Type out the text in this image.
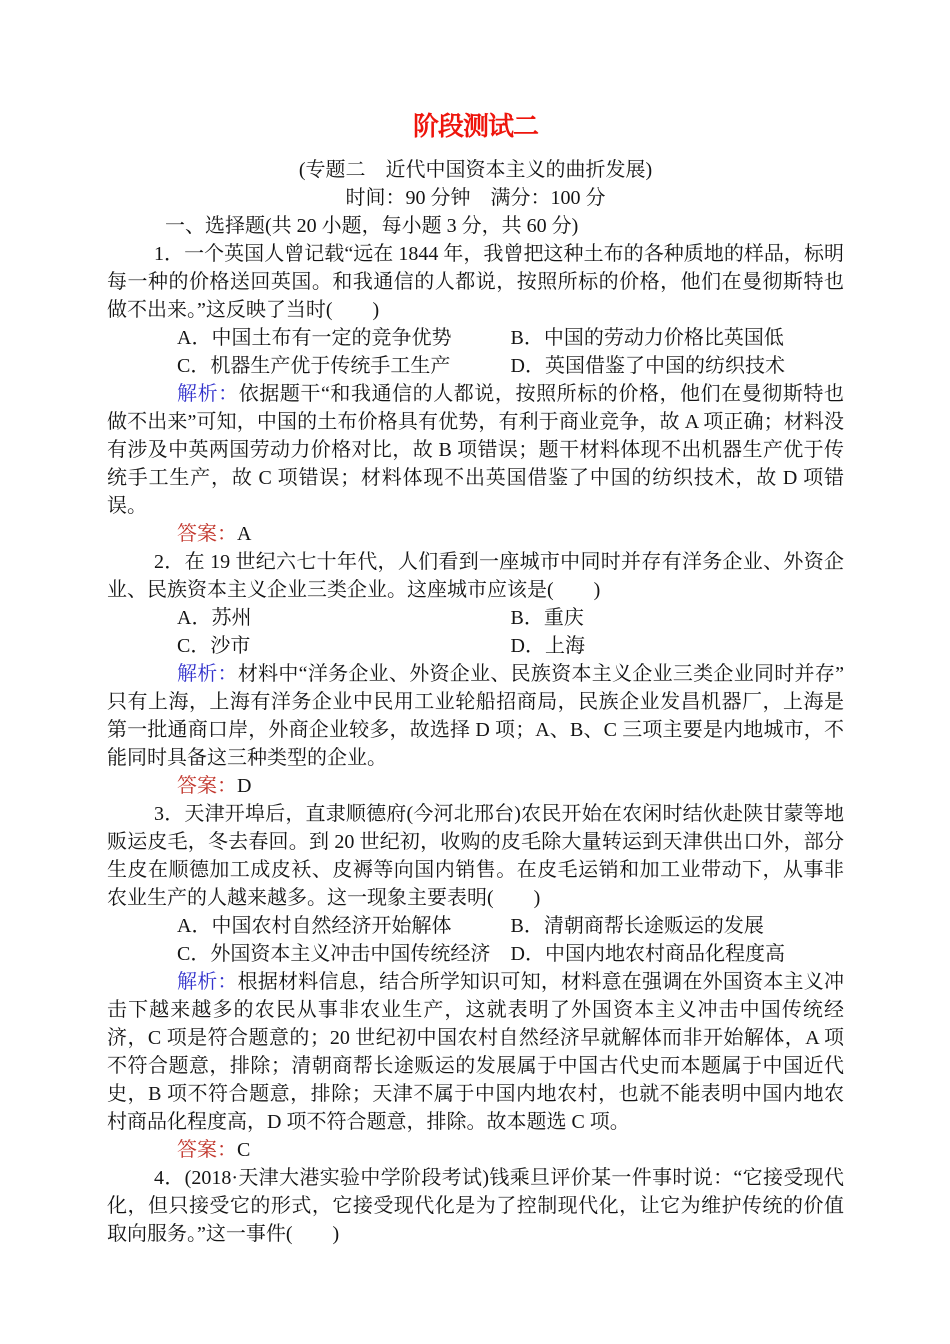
阶段测试二

(专题二　近代中国资本主义的曲折发展)

时间：90 分钟　满分：100 分

一、选择题(共 20 小题，每小题 3 分，共 60 分)

1．一个英国人曾记载“远在 1844 年，我曾把这种土布的各种质地的样品，标明每一种的价格送回英国。和我通信的人都说，按照所标的价格，他们在曼彻斯特也做不出来。”这反映了当时(　　)

A．中国土布有一定的竞争优势	B．中国的劳动力价格比英国低
C．机器生产优于传统手工生产	D．英国借鉴了中国的纺织技术

解析：依据题干“和我通信的人都说，按照所标的价格，他们在曼彻斯特也做不出来”可知，中国的土布价格具有优势，有利于商业竞争，故 A 项正确；材料没有涉及中英两国劳动力价格对比，故 B 项错误；题干材料体现不出机器生产优于传统手工生产，故 C 项错误；材料体现不出英国借鉴了中国的纺织技术，故 D 项错误。

答案：A

2．在 19 世纪六七十年代，人们看到一座城市中同时并存有洋务企业、外资企业、民族资本主义企业三类企业。这座城市应该是(　　)

A．苏州	B．重庆
C．沙市	D．上海

解析：材料中“洋务企业、外资企业、民族资本主义企业三类企业同时并存”只有上海，上海有洋务企业中民用工业轮船招商局，民族企业发昌机器厂，上海是第一批通商口岸，外商企业较多，故选择 D 项；A、B、C 三项主要是内地城市，不能同时具备这三种类型的企业。

答案：D

3．天津开埠后，直隶顺德府(今河北邢台)农民开始在农闲时结伙赴陕甘蒙等地贩运皮毛，冬去春回。到 20 世纪初，收购的皮毛除大量转运到天津供出口外，部分生皮在顺德加工成皮袄、皮褥等向国内销售。在皮毛运销和加工业带动下，从事非农业生产的人越来越多。这一现象主要表明(　　)

A．中国农村自然经济开始解体	B．清朝商帮长途贩运的发展
C．外国资本主义冲击中国传统经济	D．中国内地农村商品化程度高

解析：根据材料信息，结合所学知识可知，材料意在强调在外国资本主义冲击下越来越多的农民从事非农业生产，这就表明了外国资本主义冲击中国传统经济，C 项是符合题意的；20 世纪初中国农村自然经济早就解体而非开始解体，A 项不符合题意，排除；清朝商帮长途贩运的发展属于中国古代史而本题属于中国近代史，B 项不符合题意，排除；天津不属于中国内地农村，也就不能表明中国内地农村商品化程度高，D 项不符合题意，排除。故本题选 C 项。

答案：C

4．(2018·天津大港实验中学阶段考试)钱乘旦评价某一件事时说：“它接受现代化，但只接受它的形式，它接受现代化是为了控制现代化，让它为维护传统的价值取向服务。”这一事件(　　)
